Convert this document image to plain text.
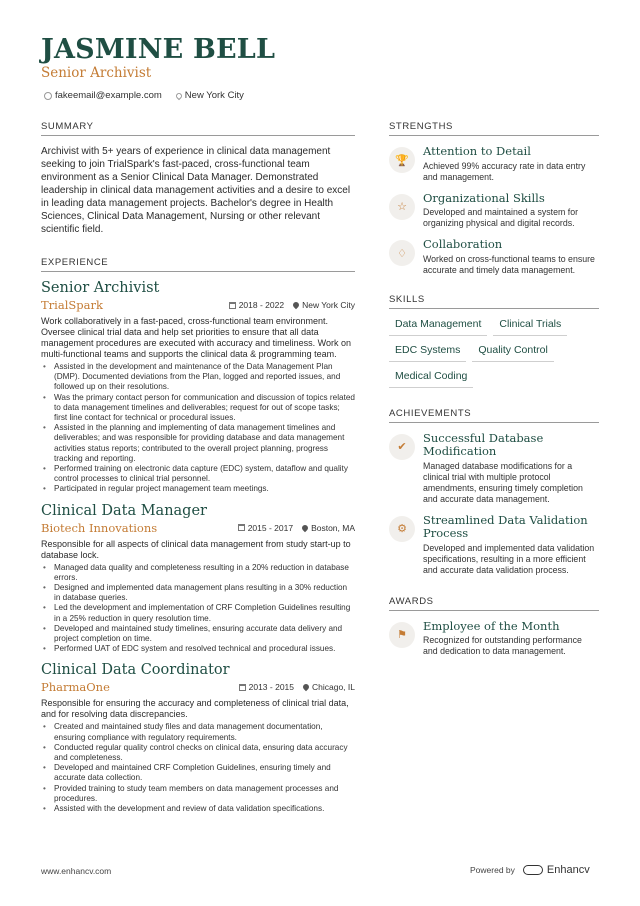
JASMINE BELL
Senior Archivist
fakeemail@example.com New York City
SUMMARY

Archivist with 5+ years of experience in clinical data management seeking to join TrialSpark's fast-paced, cross-functional team environment as a Senior Clinical Data Manager. Demonstrated leadership in clinical data management activities and a desire to excel in leading data management projects. Bachelor's degree in Health Sciences, Clinical Data Management, Nursing or other relevant scientific field.

EXPERIENCE
Senior Archivist
TrialSpark	2018 - 2022 New York City

Work collaboratively in a fast-paced, cross-functional team environment. Oversee clinical trial data and help set priorities to ensure that all data management procedures are executed with accuracy and timeliness. Work on multi-functional teams and supports the clinical data & programming team.

• Assisted in the development and maintenance of the Data Management Plan (DMP). Documented deviations from the Plan, logged and reported issues, and followed up on their resolutions.
• Was the primary contact person for communication and discussion of topics related to data management timelines and deliverables; request for out of scope tasks; first line contact for technical or procedural issues.
• Assisted in the planning and implementing of data management timelines and deliverables; and was responsible for providing database and data management activities status reports; contributed to the overall project planning, progress tracking and reporting.
• Performed training on electronic data capture (EDC) system, dataflow and quality control processes to clinical trial personnel.
• Participated in regular project management team meetings.
Clinical Data Manager
Biotech Innovations	2015 - 2017 Boston, MA

Responsible for all aspects of clinical data management from study start-up to database lock.

• Managed data quality and completeness resulting in a 20% reduction in database errors.
• Designed and implemented data management plans resulting in a 30% reduction in database queries.
• Led the development and implementation of CRF Completion Guidelines resulting in a 25% reduction in query resolution time.
• Developed and maintained study timelines, ensuring accurate data delivery and project completion on time.
• Performed UAT of EDC system and resolved technical and procedural issues.
Clinical Data Coordinator
PharmaOne	2013 - 2015 Chicago, IL

Responsible for ensuring the accuracy and completeness of clinical trial data, and for resolving data discrepancies.

• Created and maintained study files and data management documentation, ensuring compliance with regulatory requirements.
• Conducted regular quality control checks on clinical data, ensuring data accuracy and completeness.
• Developed and maintained CRF Completion Guidelines, ensuring timely and accurate data collection.
• Provided training to study team members on data management processes and procedures.
• Assisted with the development and review of data validation specifications.
STRENGTHS
🏆
Attention to Detail
Achieved 99% accuracy rate in data entry and management.
☆
Organizational Skills
Developed and maintained a system for organizing physical and digital records.
♢
Collaboration
Worked on cross-functional teams to ensure accurate and timely data management.
SKILLS
Data Management	Clinical Trials
EDC Systems	Quality Control
Medical Coding
ACHIEVEMENTS
✔
Successful Database Modification
Managed database modifications for a clinical trial with multiple protocol amendments, ensuring timely completion and accurate data management.
⚙
Streamlined Data Validation Process
Developed and implemented data validation specifications, resulting in a more efficient and accurate data validation process.
AWARDS
⚑
Employee of the Month
Recognized for outstanding performance and dedication to data management.
www.enhancv.com	Powered by	Enhancv
